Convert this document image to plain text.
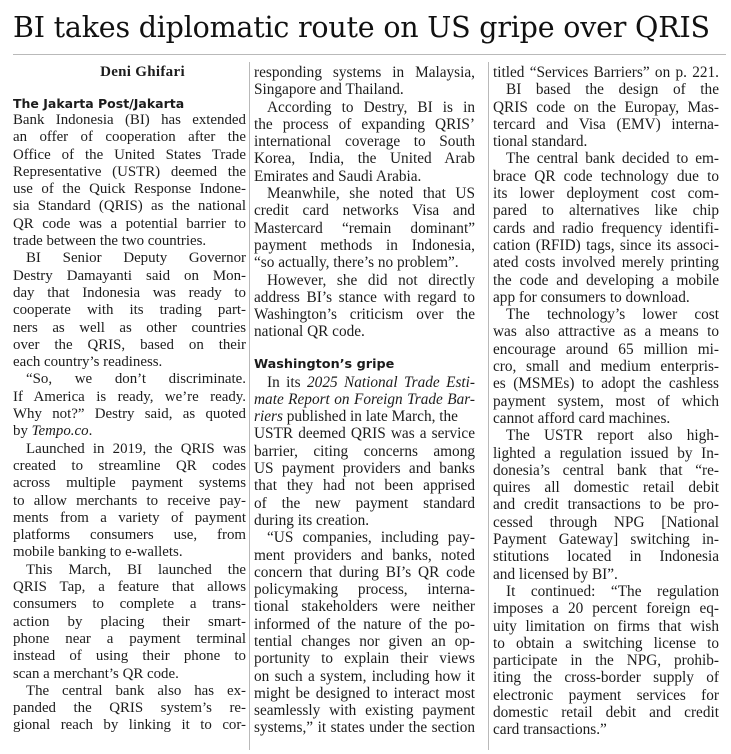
BI takes diplomatic route on US gripe over QRIS
Deni Ghifari
The Jakarta Post/Jakarta
Bank Indonesia (BI) has extended
an offer of cooperation after the
Office of the United States Trade
Representative (USTR) deemed the
use of the Quick Response Indone-
sia Standard (QRIS) as the national
QR code was a potential barrier to
trade between the two countries.
BI Senior Deputy Governor
Destry Damayanti said on Mon-
day that Indonesia was ready to
cooperate with its trading part-
ners as well as other countries
over the QRIS, based on their
each country’s readiness.
“So, we don’t discriminate.
If America is ready, we’re ready.
Why not?” Destry said, as quoted
by Tempo.co.
Launched in 2019, the QRIS was
created to streamline QR codes
across multiple payment systems
to allow merchants to receive pay-
ments from a variety of payment
platforms consumers use, from
mobile banking to e-wallets.
This March, BI launched the
QRIS Tap, a feature that allows
consumers to complete a trans-
action by placing their smart-
phone near a payment terminal
instead of using their phone to
scan a merchant’s QR code.
The central bank also has ex-
panded the QRIS system’s re-
gional reach by linking it to cor-
responding systems in Malaysia,
Singapore and Thailand.
According to Destry, BI is in
the process of expanding QRIS’
international coverage to South
Korea, India, the United Arab
Emirates and Saudi Arabia.
Meanwhile, she noted that US
credit card networks Visa and
Mastercard “remain dominant”
payment methods in Indonesia,
“so actually, there’s no problem”.
However, she did not directly
address BI’s stance with regard to
Washington’s criticism over the
national QR code.
Washington’s gripe
In its 2025 National Trade Esti-
mate Report on Foreign Trade Bar-
riers published in late March, the
USTR deemed QRIS was a service
barrier, citing concerns among
US payment providers and banks
that they had not been apprised
of the new payment standard
during its creation.
“US companies, including pay-
ment providers and banks, noted
concern that during BI’s QR code
policymaking process, interna-
tional stakeholders were neither
informed of the nature of the po-
tential changes nor given an op-
portunity to explain their views
on such a system, including how it
might be designed to interact most
seamlessly with existing payment
systems,” it states under the section
titled “Services Barriers” on p. 221.
BI based the design of the
QRIS code on the Europay, Mas-
tercard and Visa (EMV) interna-
tional standard.
The central bank decided to em-
brace QR code technology due to
its lower deployment cost com-
pared to alternatives like chip
cards and radio frequency identifi-
cation (RFID) tags, since its associ-
ated costs involved merely printing
the code and developing a mobile
app for consumers to download.
The technology’s lower cost
was also attractive as a means to
encourage around 65 million mi-
cro, small and medium enterpris-
es (MSMEs) to adopt the cashless
payment system, most of which
cannot afford card machines.
The USTR report also high-
lighted a regulation issued by In-
donesia’s central bank that “re-
quires all domestic retail debit
and credit transactions to be pro-
cessed through NPG [National
Payment Gateway] switching in-
stitutions located in Indonesia
and licensed by BI”.
It continued: “The regulation
imposes a 20 percent foreign eq-
uity limitation on firms that wish
to obtain a switching license to
participate in the NPG, prohib-
iting the cross-border supply of
electronic payment services for
domestic retail debit and credit
card transactions.”
